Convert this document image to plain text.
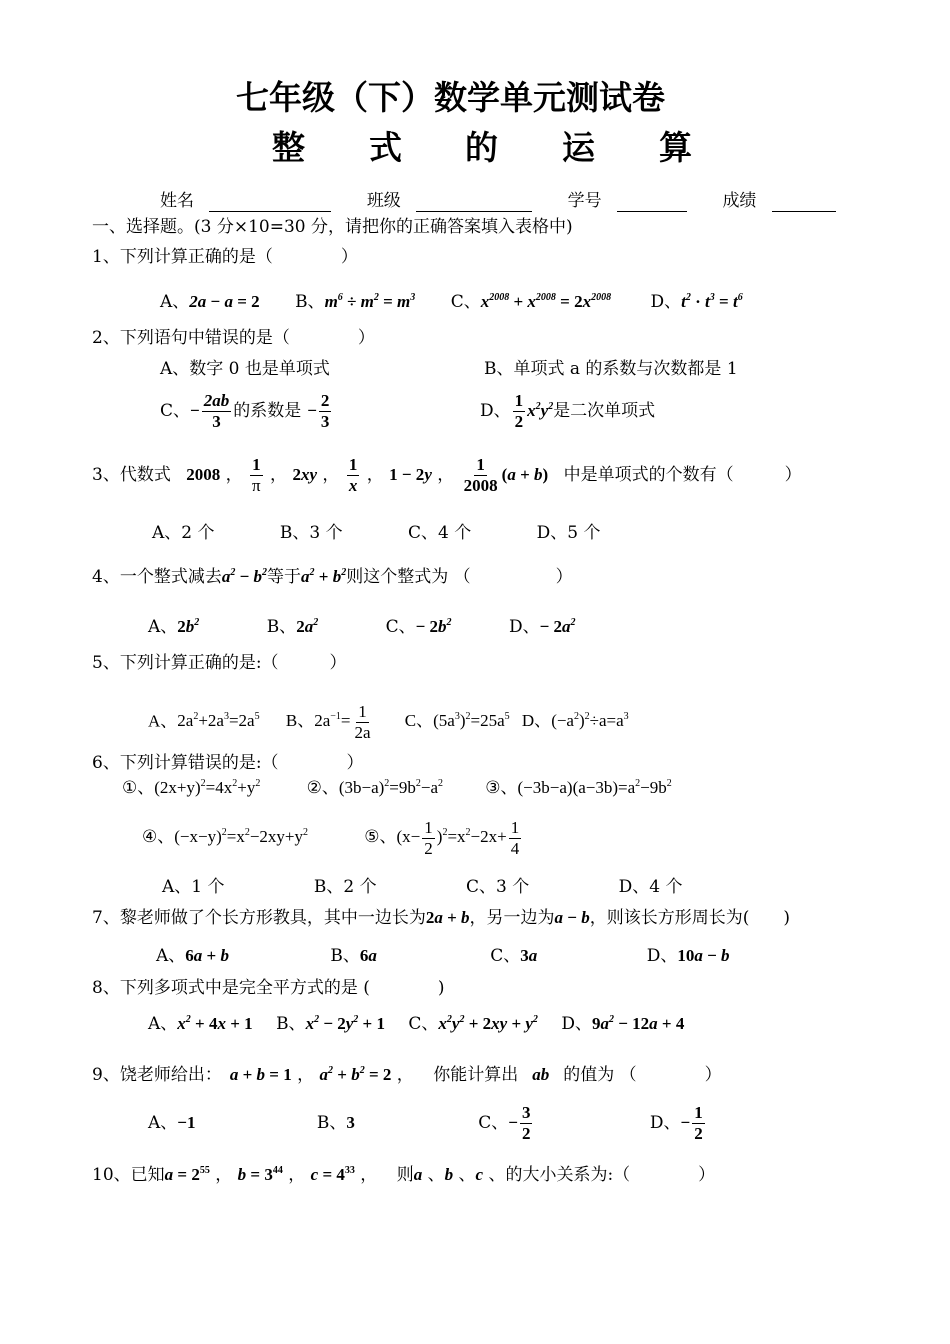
七年级（下）数学单元测试卷
整 式 的 运 算
姓名	班级	学号	成绩
一、选择题。(3 分×10=30 分，请把你的正确答案填入表格中)
1、下列计算正确的是（　　　　）
A、2a − a = 2 B、$m^6 \div m^2 = m^3$ C、$x^{2008} + x^{2008} = 2x^{2008}$ D、$t^2 \cdot t^3 = t^6$
2、下列语句中错误的是（　　　　）
A、数字 0 也是单项式	B、单项式 a 的系数与次数都是 1
C、− $\frac{2ab}{3}$ 的系数是 − $\frac{2}{3}$	D、 $\frac{1}{2} x^2y^2$是二次单项式
3、代数式 2008 ， $\frac{1}{\pi}$ ， 2xy ， $\frac{1}{x}$ ， 1 − 2y ， $\frac{1}{2008} (a + b)$ 中是单项式的个数有（　　　）
A、2 个	B、3 个	C、4 个	D、5 个
4、一个整式减去$a^2 - b^2$等于$a^2 + b^2$则这个整式为 （　　　　　）
A、$2b^2$	B、$2a^2$	C、− $2b^2$	D、− $2a^2$
5、下列计算正确的是:（　　　）
A、$2a^2+2a^3=2a^5$ B、$2a^{-1}= \frac{1}{2a}$ C、$(5a^3)^2=25a^5$ D、$(-a^2)^2\div a=a^3$
6、下列计算错误的是:（　　　　）
①、$(2x+y)^2=4x^2+y^2$	②、$(3b-a)^2=9b^2-a^2$ ③、$(-3b-a)(a-3b)=a^2-9b^2$
④、$(-x-y)^2=x^2-2xy+y^2$	⑤、$(x- \frac{1}{2} )^2=x^2-2x+ \frac{1}{4}$
A、1 个	B、2 个	C、3 个	D、4 个
7、黎老师做了个长方形教具，其中一边长为2a + b，另一边为a − b，则该长方形周长为(　　)
A、6a + b	B、6a	C、3a	D、10a − b
8、下列多项式中是完全平方式的是 (　　　　)
A、$x^2 + 4x + 1$ B、$x^2 - 2y^2 + 1$ C、$x^2y^2 + 2xy + y^2$ D、$9a^2 - 12a + 4$
9、饶老师给出： a + b = 1 ， $a^2 + b^2 = 2$ ， 你能计算出 ab 的值为 （　　　　）
A、−1	B、3	C、− $\frac{3}{2}$	D、− $\frac{1}{2}$
10、已知$a = 2^{55}$ ， $b = 3^{44}$ ， $c = 4^{33}$ ， 则a 、b 、c 、的大小关系为:（　　　　）
